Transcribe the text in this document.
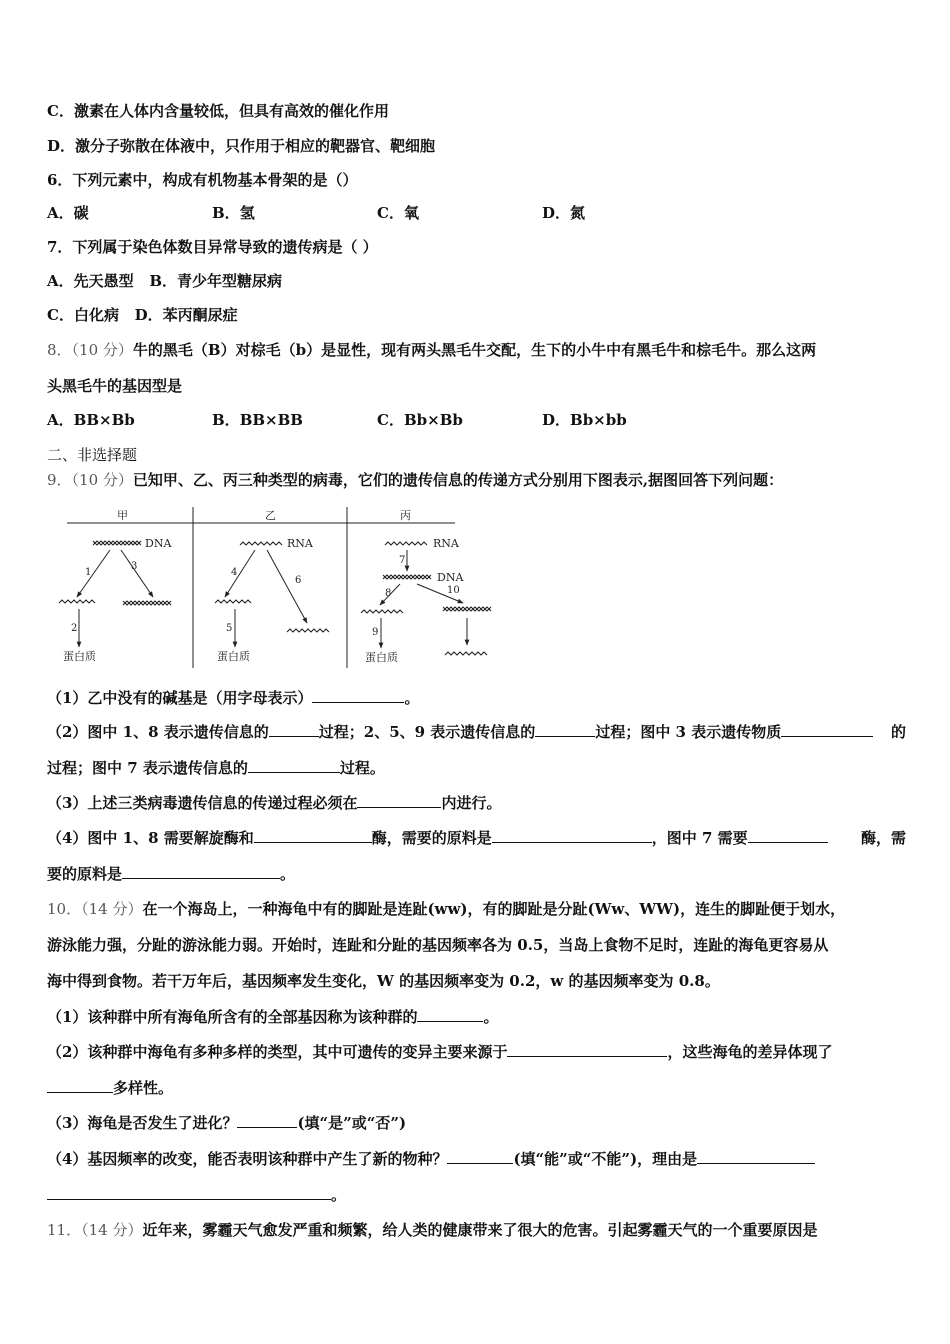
C．激素在人体内含量较低，但具有高效的催化作用
D．激分子弥散在体液中，只作用于相应的靶器官、靶细胞
6．下列元素中，构成有机物基本骨架的是（）
A．碳	B．氢	C．氧	D．氮
7．下列属于染色体数目异常导致的遗传病是（ ）
A．先天愚型 B．青少年型糖尿病
C．白化病 D．苯丙酮尿症
8．（10 分）牛的黑毛（B）对棕毛（b）是显性，现有两头黑毛牛交配，生下的小牛中有黑毛牛和棕毛牛。那么这两
头黑毛牛的基因型是
A．BB×Bb	B．BB×BB	C．Bb×Bb	D．Bb×bb
二、非选择题
9．（10 分）已知甲、乙、丙三种类型的病毒，它们的遗传信息的传递方式分别用下图表示,据图回答下列问题：
甲	乙	丙
DNA
1
3
2
蛋白质
RNA
4
6
5
蛋白质
RNA
7
DNA
8	10
9
蛋白质
（1）乙中没有的碱基是（用字母表示）	。
（2）图中 1、8 表示遗传信息的	过程；2、5、9 表示遗传信息的	过程；图中 3 表示遗传物质	的
过程；图中 7 表示遗传信息的	过程。
（3）上述三类病毒遗传信息的传递过程必须在	内进行。
（4）图中 1、8 需要解旋酶和	酶，需要的原料是	，图中 7 需要	酶，需
要的原料是	。
10．（14 分）在一个海岛上，一种海龟中有的脚趾是连趾(ww)，有的脚趾是分趾(Ww、WW)，连生的脚趾便于划水，
游泳能力强，分趾的游泳能力弱。开始时，连趾和分趾的基因频率各为 0.5，当岛上食物不足时，连趾的海龟更容易从
海中得到食物。若干万年后，基因频率发生变化，W 的基因频率变为 0.2，w 的基因频率变为 0.8。
（1）该种群中所有海龟所含有的全部基因称为该种群的	。
（2）该种群中海龟有多种多样的类型，其中可遗传的变异主要来源于	，这些海龟的差异体现了
多样性。
（3）海龟是否发生了进化？	(填“是”或“否”)
（4）基因频率的改变，能否表明该种群中产生了新的物种？	(填“能”或“不能”)，理由是
。
11．（14 分）近年来，雾霾天气愈发严重和频繁，给人类的健康带来了很大的危害。引起雾霾天气的一个重要原因是
